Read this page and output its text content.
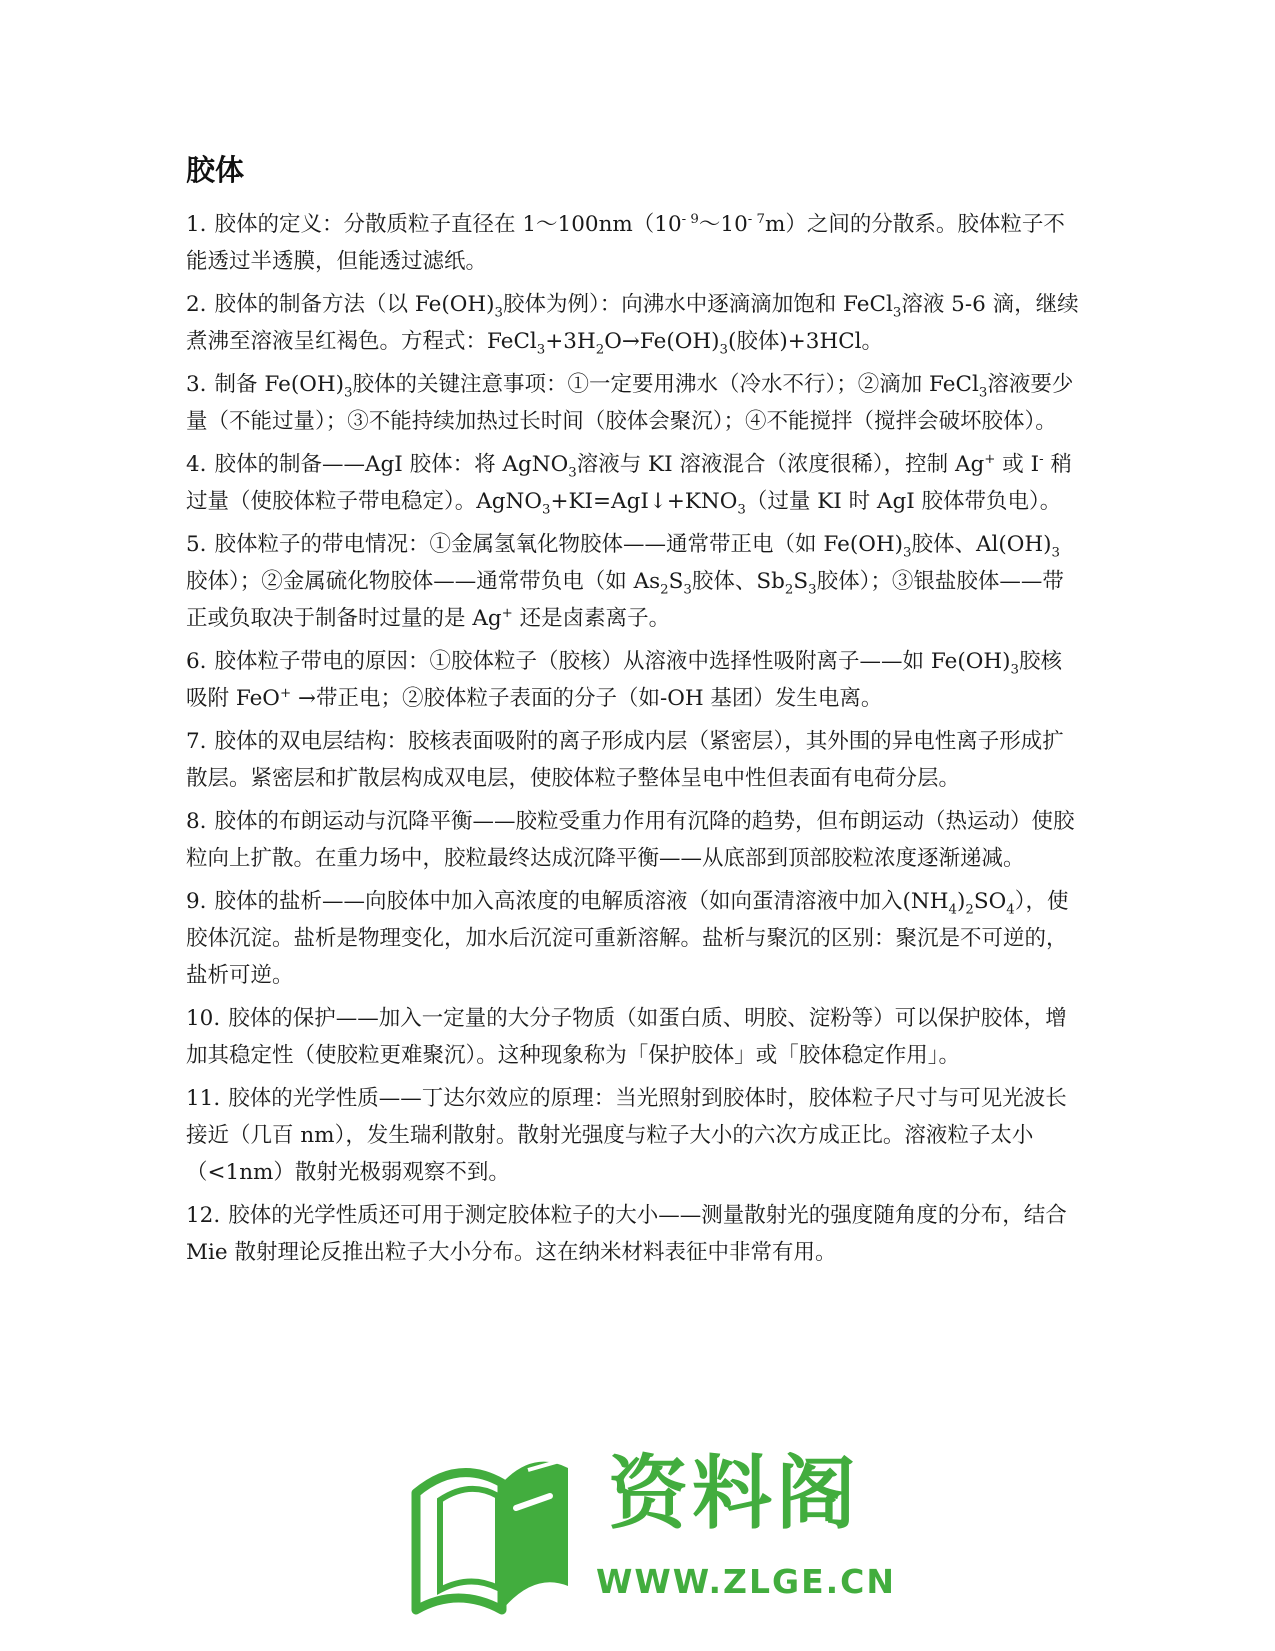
胶体

1. 胶体的定义：分散质粒子直径在 $1\sim 100nm(10^{- 9}\sim 10^{- 7}m)$之间的分散系。胶体粒子不能透过半透膜，但能透过滤纸。

2. 胶体的制备方法（以 $Fe(OH)_3$胶体为例）：向沸水中逐滴滴加饱和 FeCl$_3$溶液 5-6 滴，继续煮沸至溶液呈红褐色。方程式：$FeCl_3+3H_2O\to Fe(OH)_3$(胶体)+3HCl。

3. 制备 $Fe(OH)_3$胶体的关键注意事项：①一定要用沸水（冷水不行）；②滴加 FeCl$_3$溶液要少量（不能过量）；③不能持续加热过长时间（胶体会聚沉）；④不能搅拌（搅拌会破坏胶体）。

4. 胶体的制备——AgI 胶体：将 AgNO$_3$溶液与 KI 溶液混合（浓度很稀），控制 Ag+ 或 I- 稍过量（使胶体粒子带电稳定）。$AgNO_3+KI=AgI↓+KNO_3$（过量 KI 时 AgI 胶体带负电）。

5. 胶体粒子的带电情况：①金属氢氧化物胶体——通常带正电（如 $Fe(OH)_3$胶体、$Al(OH)_3$胶体）；②金属硫化物胶体——通常带负电（如 $As_2S_3$胶体、$Sb_2S_3$胶体）；③银盐胶体——带正或负取决于制备时过量的是 Ag+ 还是卤素离子。

6. 胶体粒子带电的原因：①胶体粒子（胶核）从溶液中选择性吸附离子——如 $Fe(OH)_3$胶核吸附 FeO+ →带正电；②胶体粒子表面的分子（如-OH 基团）发生电离。

7. 胶体的双电层结构：胶核表面吸附的离子形成内层（紧密层），其外围的异电性离子形成扩散层。紧密层和扩散层构成双电层，使胶体粒子整体呈电中性但表面有电荷分层。

8. 胶体的布朗运动与沉降平衡——胶粒受重力作用有沉降的趋势，但布朗运动（热运动）使胶粒向上扩散。在重力场中，胶粒最终达成沉降平衡——从底部到顶部胶粒浓度逐渐递减。

9. 胶体的盐析——向胶体中加入高浓度的电解质溶液（如向蛋清溶液中加入$(NH_4)_2SO_4$），使胶体沉淀。盐析是物理变化，加水后沉淀可重新溶解。盐析与聚沉的区别：聚沉是不可逆的，盐析可逆。

10. 胶体的保护——加入一定量的大分子物质（如蛋白质、明胶、淀粉等）可以保护胶体，增加其稳定性（使胶粒更难聚沉）。这种现象称为「保护胶体」或「胶体稳定作用」。

11. 胶体的光学性质——丁达尔效应的原理：当光照射到胶体时，胶体粒子尺寸与可见光波长接近（几百 nm），发生瑞利散射。散射光强度与粒子大小的六次方成正比。溶液粒子太小（<1nm）散射光极弱观察不到。

12. 胶体的光学性质还可用于测定胶体粒子的大小——测量散射光的强度随角度的分布，结合 Mie 散射理论反推出粒子大小分布。这在纳米材料表征中非常有用。

资料阁
WWW.ZLGE.CN
